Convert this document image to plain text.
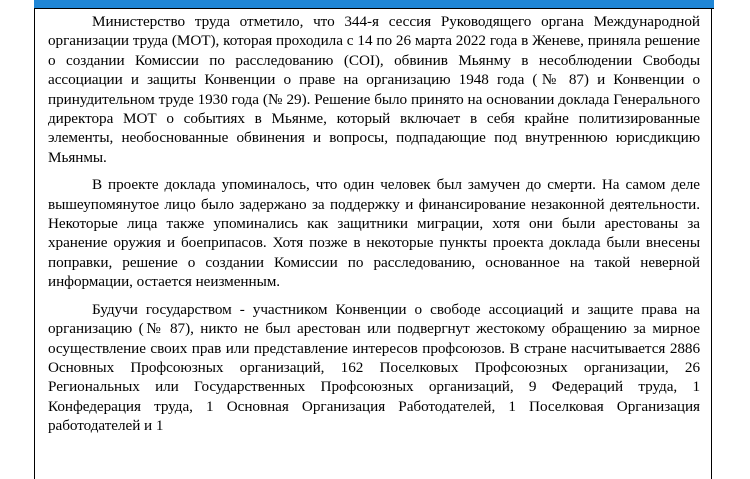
Министерство труда отметило, что 344-я сессия Руководящего органа Международной организации труда (МОТ), которая проходила с 14 по 26 марта 2022 года в Женеве, приняла решение о создании Комиссии по расследованию (COI), обвинив Мьянму в несоблюдении Свободы ассоциации и защиты Конвенции о праве на организацию 1948 года (№ 87) и Конвенции о принудительном труде 1930 года (№ 29). Решение было принято на основании доклада Генерального директора МОТ о событиях в Мьянме, который включает в себя крайне политизированные элементы, необоснованные обвинения и вопросы, подпадающие под внутреннюю юрисдикцию Мьянмы.

В проекте доклада упоминалось, что один человек был замучен до смерти. На самом деле вышеупомянутое лицо было задержано за поддержку и финансирование незаконной деятельности. Некоторые лица также упоминались как защитники миграции, хотя они были арестованы за хранение оружия и боеприпасов. Хотя позже в некоторые пункты проекта доклада были внесены поправки, решение о создании Комиссии по расследованию, основанное на такой неверной информации, остается неизменным.

Будучи государством - участником Конвенции о свободе ассоциаций и защите права на организацию (№ 87), никто не был арестован или подвергнут жестокому обращению за мирное осуществление своих прав или представление интересов профсоюзов. В стране насчитывается 2886 Основных Профсоюзных организаций, 162 Поселковых Профсоюзных организации, 26 Региональных или Государственных Профсоюзных организаций, 9 Федераций труда, 1 Конфедерация труда, 1 Основная Организация Работодателей, 1 Поселковая Организация работодателей и 1
